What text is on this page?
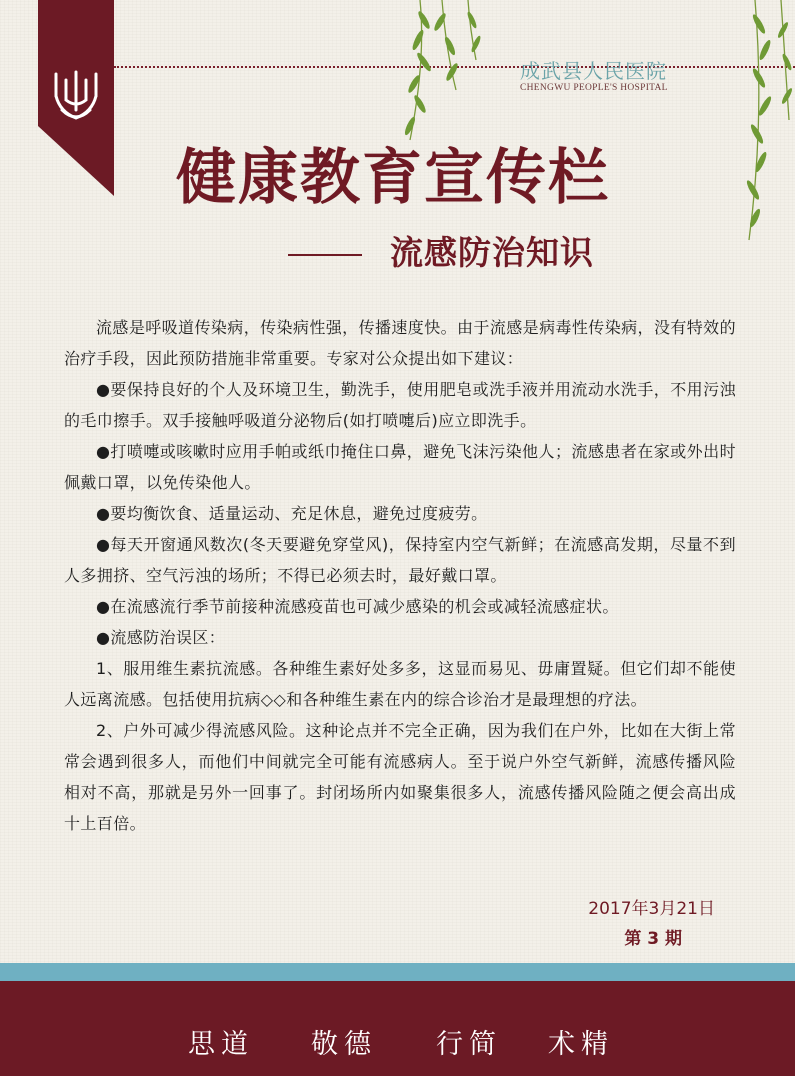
成武县人民医院
CHENGWU PEOPLE'S HOSPITAL
健康教育宣传栏
流感防治知识

流感是呼吸道传染病，传染病性强，传播速度快。由于流感是病毒性传染病，没有特效的治疗手段，因此预防措施非常重要。专家对公众提出如下建议：

●要保持良好的个人及环境卫生，勤洗手，使用肥皂或洗手液并用流动水洗手，不用污浊的毛巾擦手。双手接触呼吸道分泌物后(如打喷嚏后)应立即洗手。

●打喷嚏或咳嗽时应用手帕或纸巾掩住口鼻，避免飞沫污染他人；流感患者在家或外出时佩戴口罩，以免传染他人。

●要均衡饮食、适量运动、充足休息，避免过度疲劳。

●每天开窗通风数次(冬天要避免穿堂风)，保持室内空气新鲜；在流感高发期，尽量不到人多拥挤、空气污浊的场所；不得已必须去时，最好戴口罩。

●在流感流行季节前接种流感疫苗也可减少感染的机会或减轻流感症状。

●流感防治误区：

1、服用维生素抗流感。各种维生素好处多多，这显而易见、毋庸置疑。但它们却不能使人远离流感。包括使用抗病◇◇和各种维生素在内的综合诊治才是最理想的疗法。

2、户外可减少得流感风险。这种论点并不完全正确，因为我们在户外，比如在大街上常常会遇到很多人，而他们中间就完全可能有流感病人。至于说户外空气新鲜，流感传播风险相对不高，那就是另外一回事了。封闭场所内如聚集很多人，流感传播风险随之便会高出成十上百倍。

2017年3月21日
第 3 期
思道 敬德 行简 术精
